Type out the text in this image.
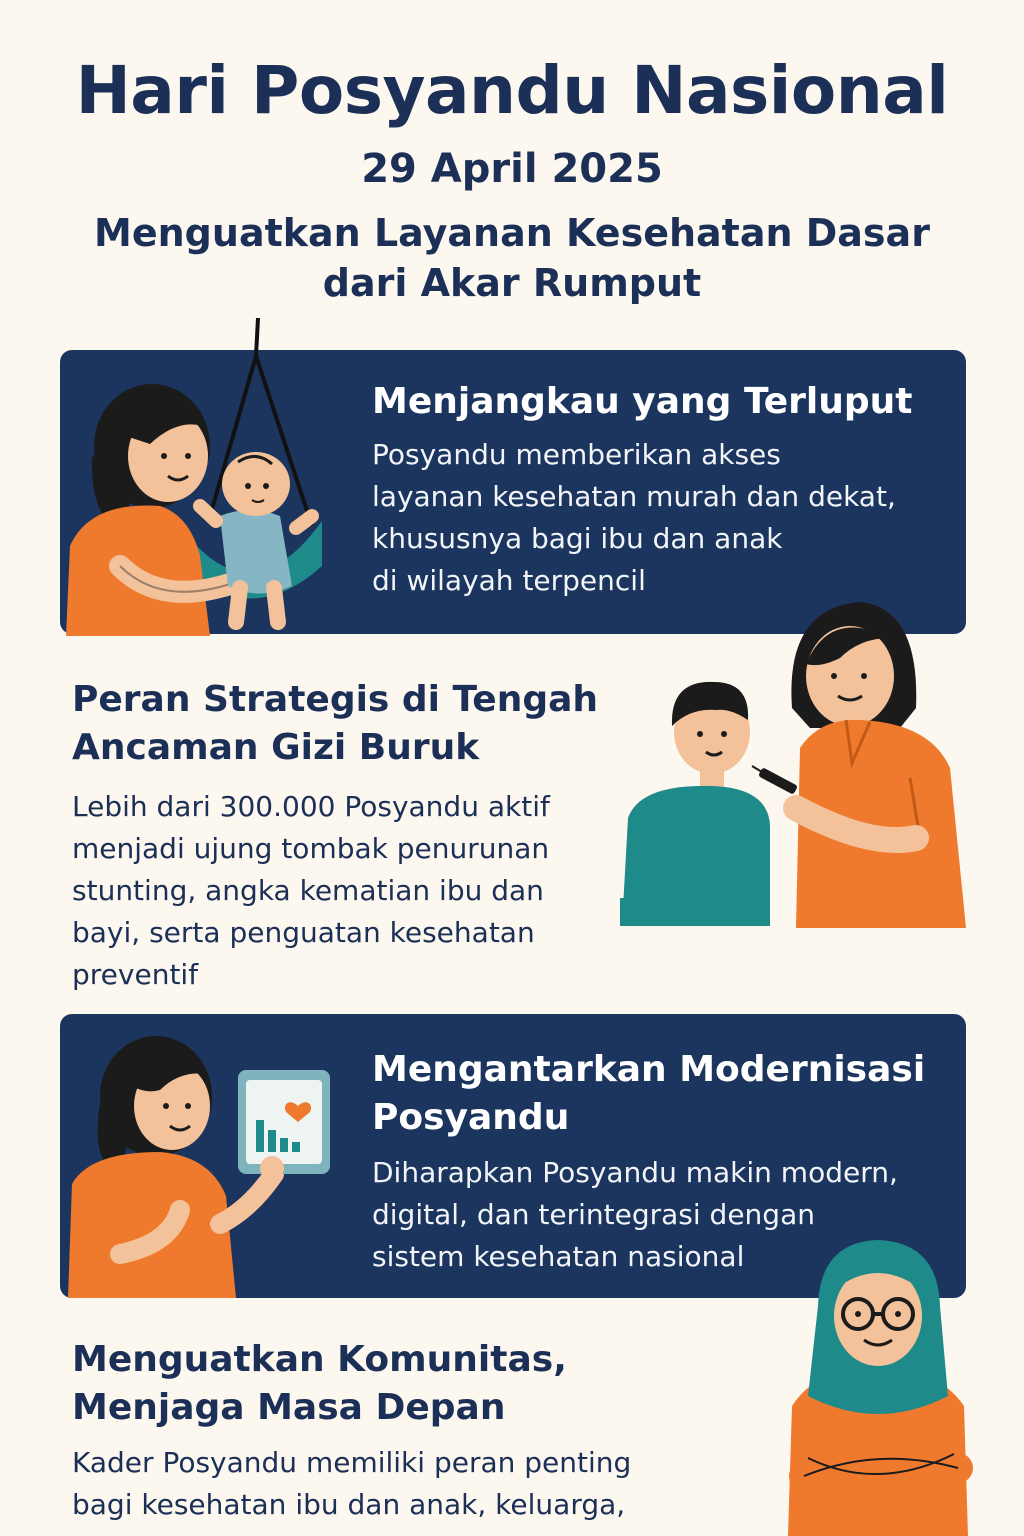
Hari Posyandu Nasional
29 April 2025
Menguatkan Layanan Kesehatan Dasar
dari Akar Rumput
Menjangkau yang Terluput
Posyandu memberikan akses
layanan kesehatan murah dan dekat,
khususnya bagi ibu dan anak
di wilayah terpencil
Peran Strategis di Tengah
Ancaman Gizi Buruk
Lebih dari 300.000 Posyandu aktif
menjadi ujung tombak penurunan
stunting, angka kematian ibu dan
bayi, serta penguatan kesehatan
preventif
Mengantarkan Modernisasi
Posyandu
Diharapkan Posyandu makin modern,
digital, dan terintegrasi dengan
sistem kesehatan nasional
Menguatkan Komunitas,
Menjaga Masa Depan
Kader Posyandu memiliki peran penting
bagi kesehatan ibu dan anak, keluarga,
